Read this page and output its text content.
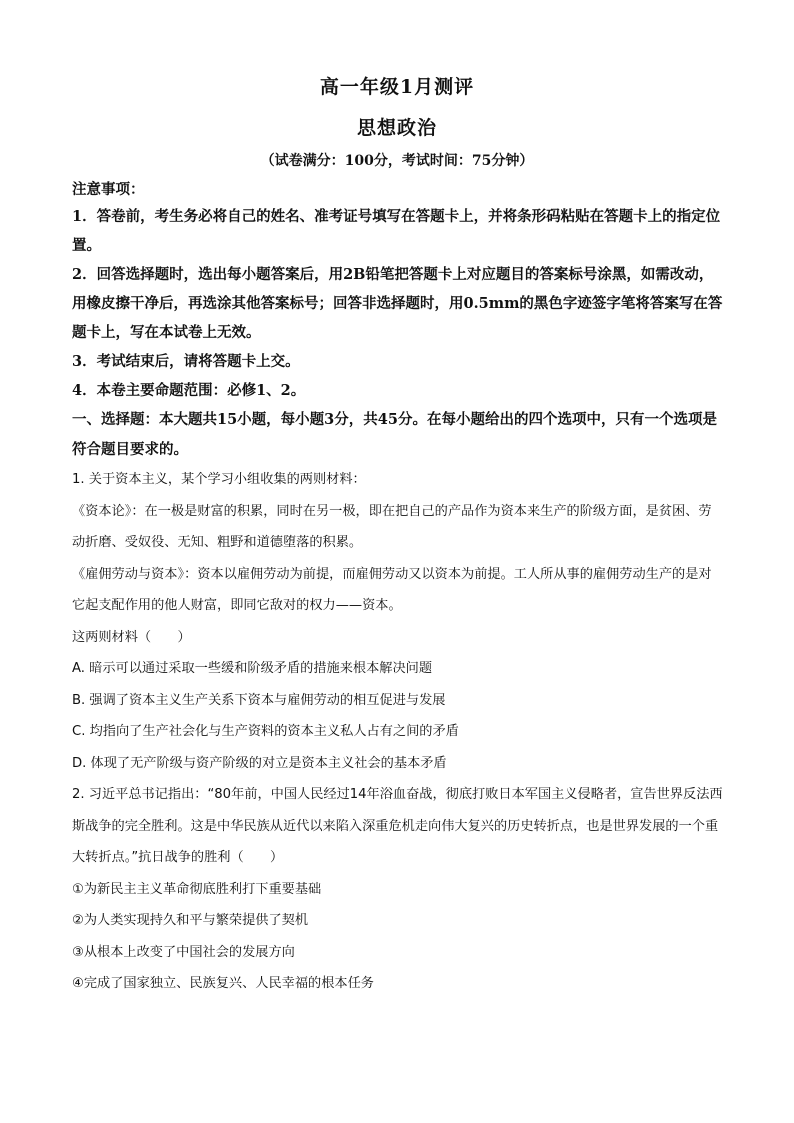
高一年级1月测评
思想政治
（试卷满分：100分，考试时间：75分钟）
注意事项：

1．答卷前，考生务必将自己的姓名、准考证号填写在答题卡上，并将条形码粘贴在答题卡上的指定位置。

2．回答选择题时，选出每小题答案后，用2B铅笔把答题卡上对应题目的答案标号涂黑，如需改动，用橡皮擦干净后，再选涂其他答案标号；回答非选择题时，用0.5mm的黑色字迹签字笔将答案写在答题卡上，写在本试卷上无效。

3．考试结束后，请将答题卡上交。

4．本卷主要命题范围：必修1、2。

一、选择题：本大题共15小题，每小题3分，共45分。在每小题给出的四个选项中，只有一个选项是符合题目要求的。

1. 关于资本主义，某个学习小组收集的两则材料：

《资本论》：在一极是财富的积累，同时在另一极，即在把自己的产品作为资本来生产的阶级方面，是贫困、劳动折磨、受奴役、无知、粗野和道德堕落的积累。

《雇佣劳动与资本》：资本以雇佣劳动为前提，而雇佣劳动又以资本为前提。工人所从事的雇佣劳动生产的是对它起支配作用的他人财富，即同它敌对的权力——资本。

这两则材料（　　）

A. 暗示可以通过采取一些缓和阶级矛盾的措施来根本解决问题

B. 强调了资本主义生产关系下资本与雇佣劳动的相互促进与发展

C. 均指向了生产社会化与生产资料的资本主义私人占有之间的矛盾

D. 体现了无产阶级与资产阶级的对立是资本主义社会的基本矛盾

2. 习近平总书记指出：“80年前，中国人民经过14年浴血奋战，彻底打败日本军国主义侵略者，宣告世界反法西斯战争的完全胜利。这是中华民族从近代以来陷入深重危机走向伟大复兴的历史转折点，也是世界发展的一个重大转折点。”抗日战争的胜利（　　）

①为新民主主义革命彻底胜利打下重要基础

②为人类实现持久和平与繁荣提供了契机

③从根本上改变了中国社会的发展方向

④完成了国家独立、民族复兴、人民幸福的根本任务
